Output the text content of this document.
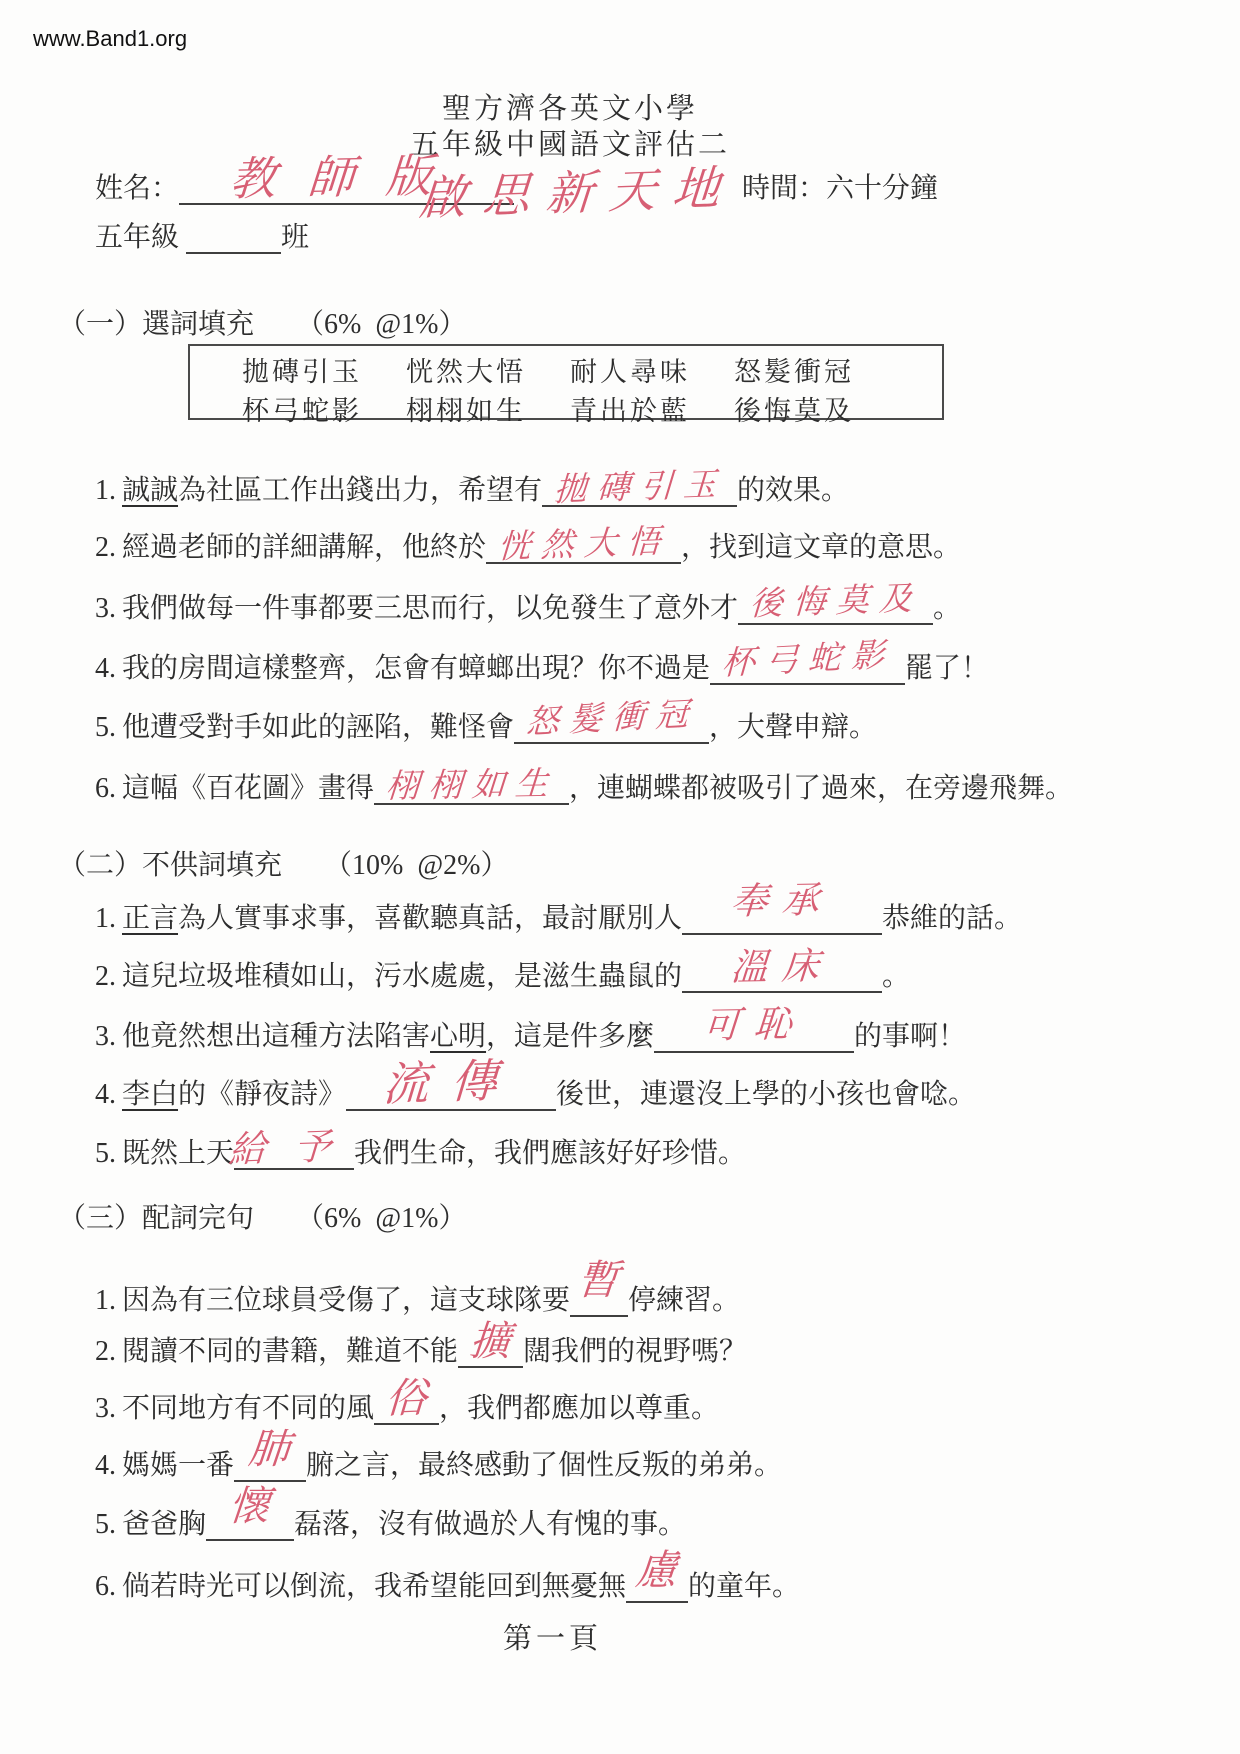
www.Band1.org
聖方濟各英文小學
五年級中國語文評估二
姓名： 教師版	時間：六十分鐘
五年級	班
啟思新天地
（一）選詞填充 （6%  @1%）
拋磚引玉 恍然大悟 耐人尋味 怒髮衝冠
杯弓蛇影 栩栩如生 青出於藍 後悔莫及
1. 誠誠為社區工作出錢出力，希望有 拋磚引玉 的效果。
2. 經過老師的詳細講解，他終於 恍然大悟 ，找到這文章的意思。
3. 我們做每一件事都要三思而行，以免發生了意外才 後悔莫及 。
4. 我的房間這樣整齊，怎會有蟑螂出現？你不過是 杯弓蛇影 罷了！
5. 他遭受對手如此的誣陷，難怪會 怒髮衝冠 ，大聲申辯。
6. 這幅《百花圖》畫得 栩栩如生 ，連蝴蝶都被吸引了過來，在旁邊飛舞。
（二）不供詞填充 （10%  @2%）
1. 正言為人實事求事，喜歡聽真話，最討厭別人 奉承 恭維的話。
2. 這兒垃圾堆積如山，污水處處，是滋生蟲鼠的 溫床 。
3. 他竟然想出這種方法陷害心明，這是件多麼 可恥 的事啊！
4. 李白的《靜夜詩》 流傳 後世，連還沒上學的小孩也會唸。
5. 既然上天
給予
我們生命，我們應該好好珍惜。
（三）配詞完句 （6%  @1%）
1. 因為有三位球員受傷了，這支球隊要 暫 停練習。
2. 閱讀不同的書籍，難道不能 擴 闊我們的視野嗎？
3. 不同地方有不同的風 俗 ，我們都應加以尊重。
4. 媽媽一番 肺 腑之言，最終感動了個性反叛的弟弟。
5. 爸爸胸 懷 磊落，沒有做過於人有愧的事。
6. 倘若時光可以倒流，我希望能回到無憂無 慮 的童年。
第一頁
